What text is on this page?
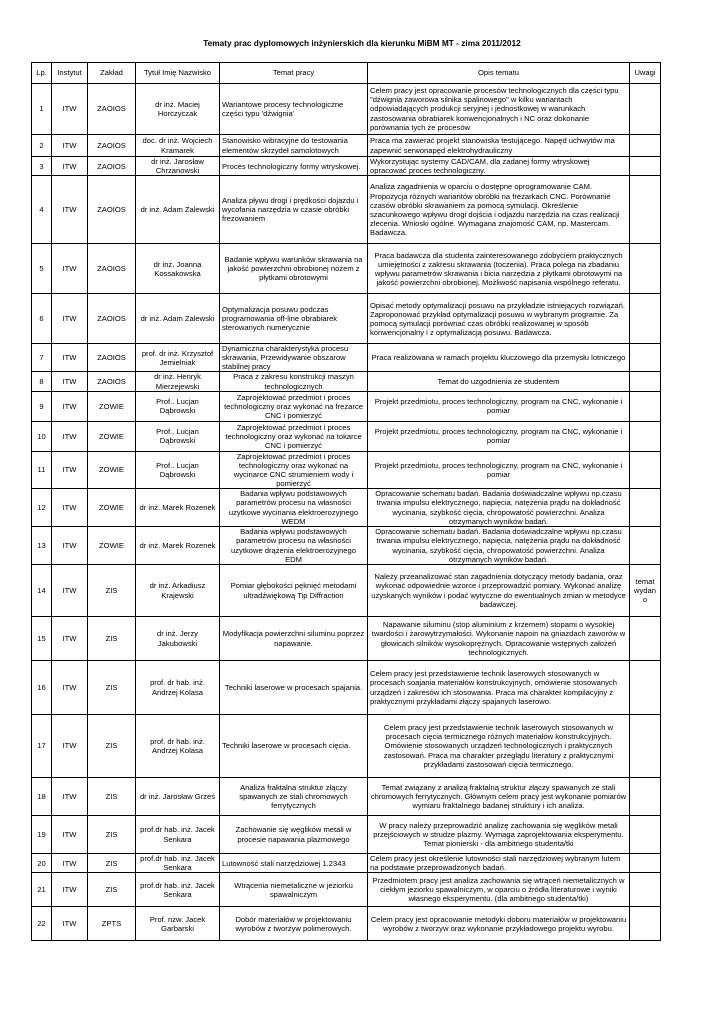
Tematy prac dyplomowych inżynierskich dla kierunku MiBM MT - zima 2011/2012
Lp.	Instytut	Zakład	Tytuł Imię Nazwisko	Temat pracy	Opis tematu	Uwagi
1	ITW	ZAOIOS	dr inż. Maciej Horczyczak	Wariantowe procesy technologiczne części typu 'dźwignia'	Celem pracy jest opracowanie procesów technologicznych dla części typu "dźwignia zaworowa silnika spalinowego" w kilku wariantach odpowiadających produkcji seryjnej i jednostkowej w warunkach zastosowania obrabiarek konwencjonalnych i NC oraz dokonanie porównania tych że procesów	
2	ITW	ZAOIOS	doc. dr inż. Wojciech Kramarek	Stanowisko wibracyjne do testowania elementów skrzydeł samolotowych	Praca ma zawierać projekt stanowiska testującego. Napęd uchwytów ma zapewnić serwonapęd elektrohydrauliczny	
3	ITW	ZAOIOS	dr inż. Jarosław Chrzanowski	Proces technologiczny formy wtryskowej.	Wykorzystując systemy CAD/CAM, dla zadanej formy wtryskowej opracować proces technologiczny.	
4	ITW	ZAOIOS	dr inż. Adam Zalewski	Analiza pływu drogi i prędkości dojazdu i wycofania narzędzia w czasie obróbki frezowaniem	Analiza zagadnienia w oparciu o dostępne oprogramowanie CAM. Propozycja różnych wariantów obróbki na frezarkach CNC. Porównanie czasów obróbki skrawaniem za pomocą symulacji. Określenie szacunkowego wpływu drogi dojścia i odjazdu narzędzia na czas realizacji zlecenia. Wnioski ogólne. Wymagana znajomość CAM, np. Mastercam. Badawcza.	
5	ITW	ZAOIOS	dr inż. Joanna Kossakowska	Badanie wpływu warunków skrawania na jakość powierzchni obrobionej nożem z płytkami obrotowymi	Praca badawcza dla studenta zainteresowanego zdobyciem praktycznych umiejętności z zakresu skrawania (toczenia). Praca polega na zbadaniu wpływu parametrów skrawania i bicia narzędzia z płytkami obrotowymi na jakość powierzchni obrobionej. Możliwość napisania wspólnego referatu.	
6	ITW	ZAOIOS	dr inż. Adam Zalewski	Optymalizacja posuwu podczas programowania off-line obrabiarek sterowanych numerycznie	Opisać metody optymalizacji posuwu na przykładzie istniejących rozwiązań. Zaproponować przykład optymalizacji posuwu w wybranym programie. Za pomocą symulacji porównać czas obróbki realizowanej w sposób konwencjonalny i z optymalizacją posuwu. Badawcza.	
7	ITW	ZAOIOS	prof. dr inż. Krzysztof Jemielniak	Dynamiczna charakterystyka procesu skrawania, Przewidywanie obszarow stabilnej pracy	Praca realizowana w ramach projektu kluczowego dla przemysłu lotniczego	
8	ITW	ZAOIOS	dr inż. Henryk Mierzejewski	Praca z zakresu konstrukcji maszyn technologicznych	Temat do uzgodnienia ze studentem	
9	ITW	ZOWIE	Prof.. Lucjan Dąbrowski	Zaprojektować przedmiot i proces technologiczny oraz wykonać na frezarce CNC i pomierzyć	Projekt przedmiotu, proces technologiczny, program na CNC, wykonanie i pomiar	
10	ITW	ZOWIE	Prof.. Lucjan Dąbrowski	Zaprojektować przedmiot i proces technologiczny oraz wykonać na tokarce CNC i pomierzyć	Projekt przedmiotu, proces technologiczny, program na CNC, wykonanie i pomiar	
11	ITW	ZOWIE	Prof.. Lucjan Dąbrowski	Zaprojektować przedmiot i proces technologiczny oraz wykonać na wycinarce CNC strumieniem wody i pomierzyć	Projekt przedmiotu, proces technologiczny, program na CNC, wykonanie i pomiar	
12	ITW	ZOWIE	dr inż. Marek Rozenek	Badania wpływu podstawowych parametrów procesu na własności uzytkowe wycinania elektroerozyjnego WEDM	Opracowanie schematu badań. Badania doświadczalne wpływu np.czasu trwania impulsu elektrycznego, napięcia, natężenia prądu na dokładność wycinania, szybkość cięcia, chropowatość powierzchni. Analiza otrzymanych wyników badań.	
13	ITW	ZOWIE	dr inż. Marek Rozenek	Badania wpływu podstawowych parametrów procesu na własności uzytkowe drążenia elektroerozyjnego EDM	Opracowanie schematu badań. Badania doświadczalne wpływu np.czasu trwania impulsu elektrycznego, napięcia, natężenia prądu na dokładność wycinania, szybkość cięcia, chropowatość powierzchni. Analiza otrzymanych wyników badań.	
14	ITW	ZIS	dr inż. Arkadiusz Krajewski	Pomiar głębokości pęknięć metodami ultradźwiękową Tip Diffraction	Należy przeanalizować stan zagadnienia dotyczący metody badania, oraz wykonać odpowiednie wzorce i przeprowadzić pomiary. Wykonać analizę uzyskanych wyników i podać wytyczne do ewentualnych zmian w metodyce badawczej.	temat wydano
15	ITW	ZIS	dr inż. Jerzy Jakubowski	Modyfikacja powierzchni siluminu poprzez napawanie.	Napawanie siluminu (stop aluminium z krzemem) stopami o wysokiej twardości i żarowytrzymałości. Wykonanie napoin na gniazdach zaworów w głowicach silników wysokoprężnych. Opracowanie wstępnych założeń technologicznych.	
16	ITW	ZIS	prof. dr hab. inż. Andrzej Kolasa	Techniki laserowe w procesach spajania.	Celem pracy jest przedstawienie technik laserowych stosowanych w procesach soajania materiałów konstrukcyjnych, omówienie stosowanych urządzeń i zakresów ich stosowania. Praca ma charakter kompilacyjny z praktycznymi przykładami złączy spajanych laserowo.	
17	ITW	ZIS	prof. dr hab. inż. Andrzej Kolasa	Techniki laserowe w procesach cięcia.	Celem pracy jest przedstawienie technik laserowych stosowanych w procesach cięcia termicznego różnych materiałów konstrukcyjnych. Omówienie stosowanych urządzeń technologicznych i praktycznych zastosowań. Praca ma charakter przeglądu literatury z praktycznymi przykładami zastosowań cięcia termicznego.	
18	ITW	ZIS	dr inż. Jarosław Grześ	Analiza fraktalna struktur złączy spawanych ze stali chromowych ferrytycznych	Temat związany z analizą fraktalną struktur złączy spawanych ze stali chromowych ferrytycznych. Głównym celem pracy jest wykonanie pomiarów wymiaru fraktalnego badanej struktury i ich analiza.	
19	ITW	ZIS	prof.dr hab. inż. Jacek Senkara	Zachowanie się węglików metali w procesie napawania plazmowego	W pracy należy przeprowadzić analizę zachowania się węglików metali przejściowych w strudze plazmy. Wymaga zaprojektowania eksperymentu. Temat pionierski - dla ambitnego studenta/tki	
20	ITW	ZIS	prof.dr hab. inż. Jacek Senkara	Lutowność stali narzędziowej 1.2343	Celem pracy jest określenie lutowności stali narzędziowej wybranym lutem na podstawie przeprowadzonych badań.	
21	ITW	ZIS	prof.dr hab. inż. Jacek Senkara	Wtrącenia niemetaliczne w jeziorku spawalniczym	Przedmiotem pracy jest analiza zachowania się wtrąceń niemetalicznych w ciekłym jeziorku spawalniczym, w oparciu o źródła literaturowe i wyniki własnego eksperymentu. (dla ambitnego studenta/tki)	
22	ITW	ZPTS	Prof. nzw. Jacek Garbarski	Dobór materiałów w projektowaniu wyrobów z tworzyw polimerowych.	Celem pracy jest opracowanie metodyki doboru materiałów w projektowaniu wyrobów z tworzyw oraz wykonanie przykładowego projektu wyrobu.	
